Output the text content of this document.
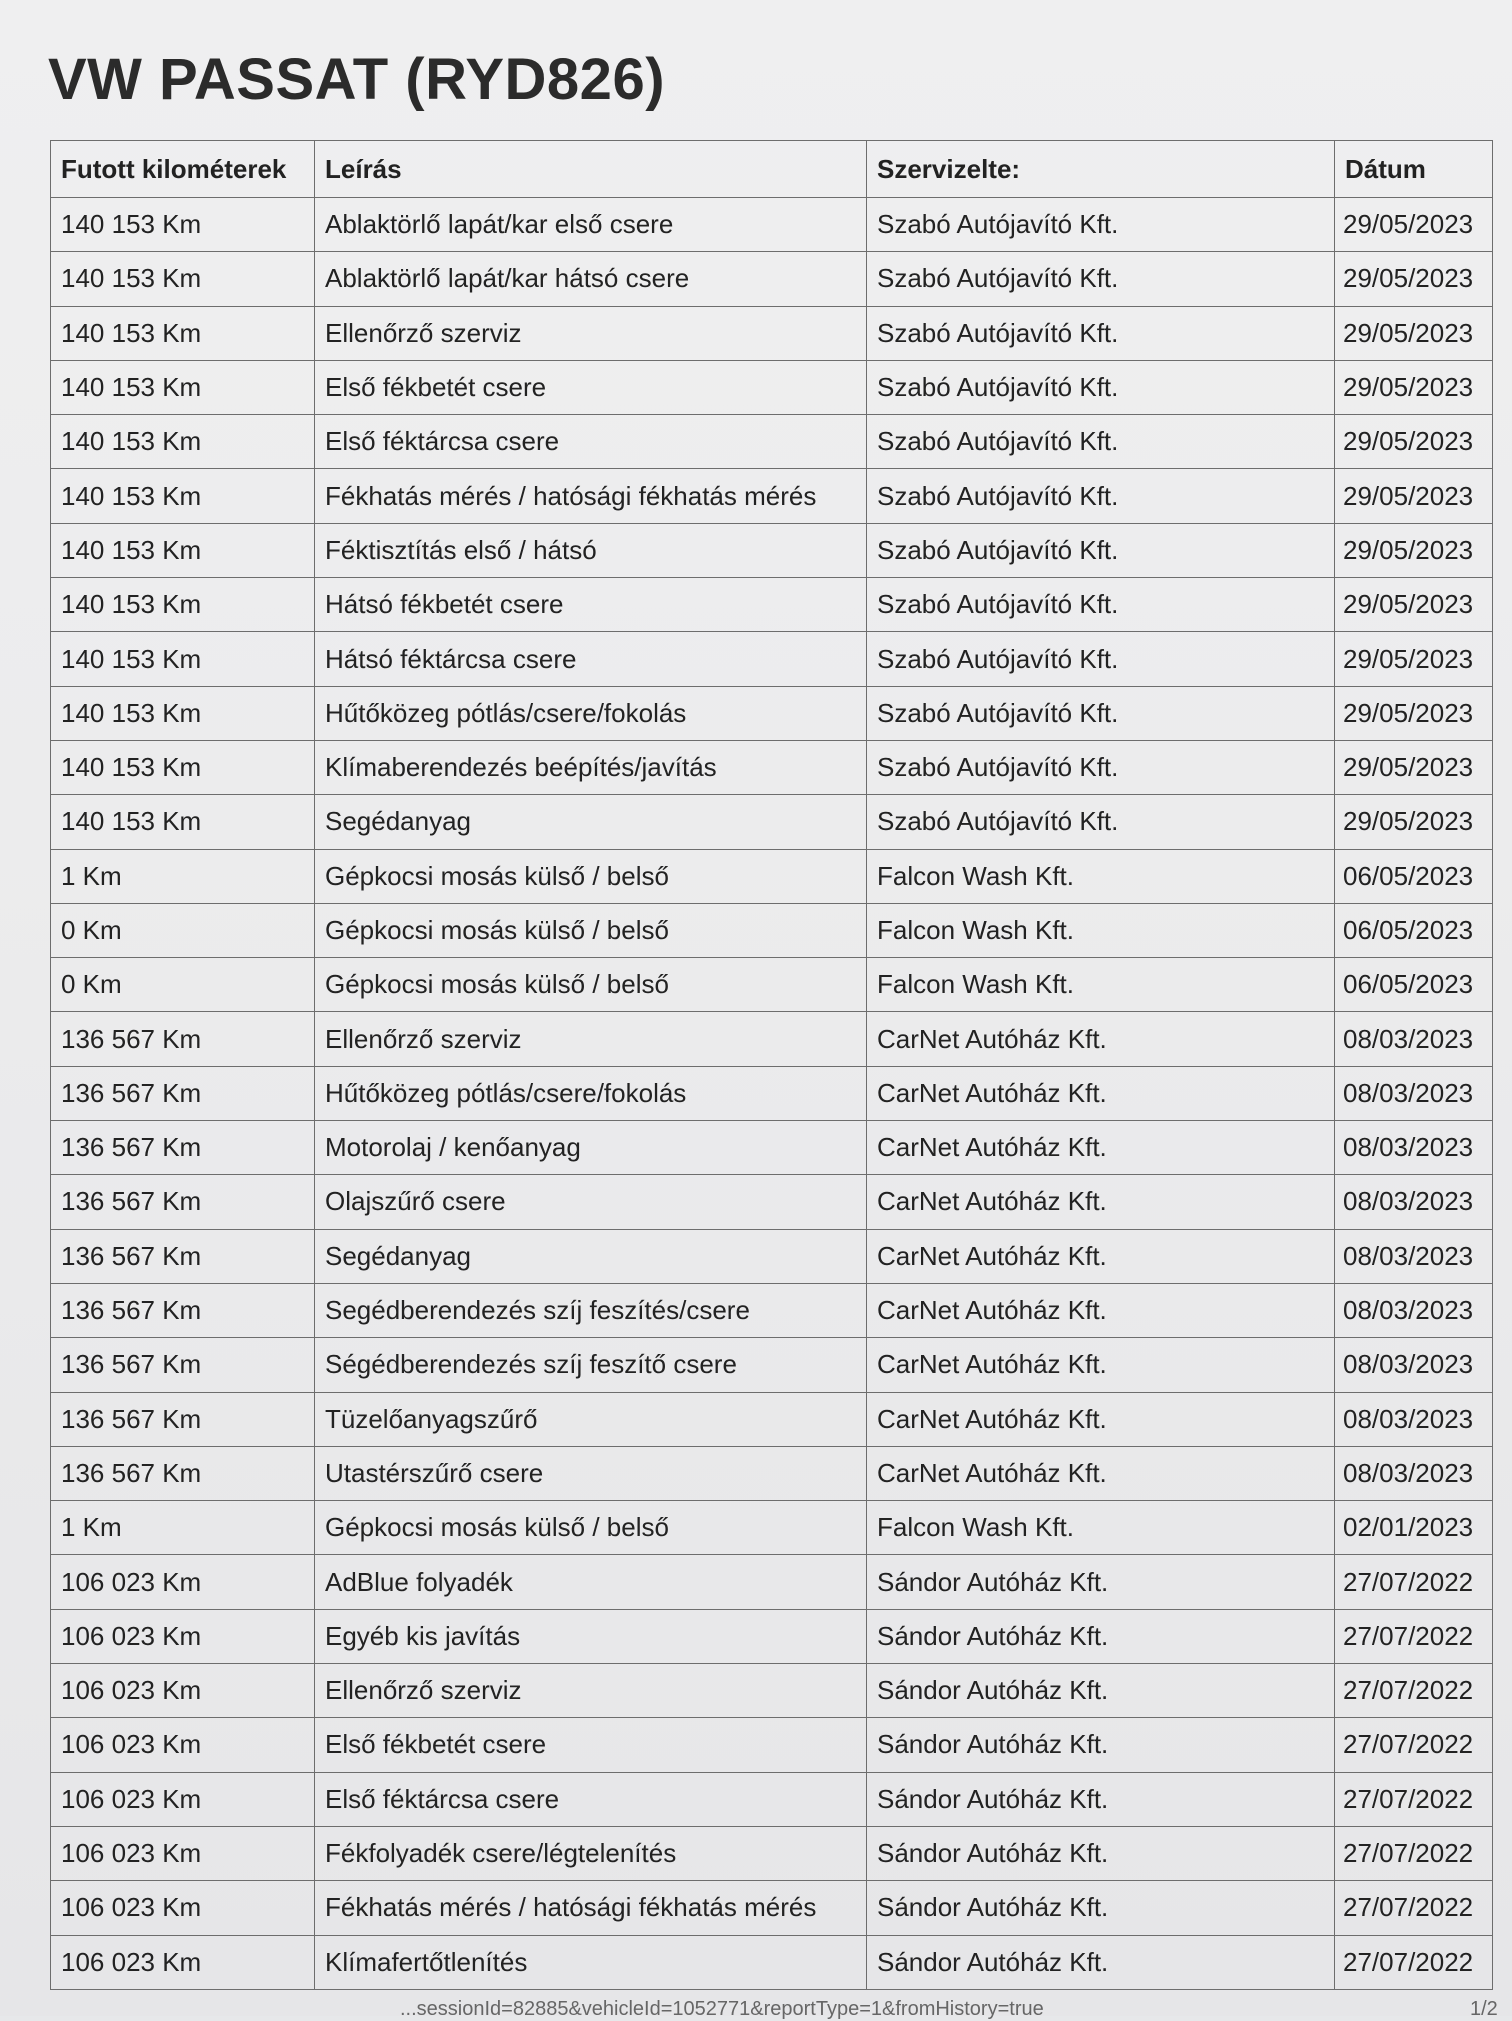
VW PASSAT (RYD826)
Futott kilométerek	Leírás	Szervizelte:	Dátum
140 153 Km	Ablaktörlő lapát/kar első csere	Szabó Autójavító Kft.	29/05/2023
140 153 Km	Ablaktörlő lapát/kar hátsó csere	Szabó Autójavító Kft.	29/05/2023
140 153 Km	Ellenőrző szerviz	Szabó Autójavító Kft.	29/05/2023
140 153 Km	Első fékbetét csere	Szabó Autójavító Kft.	29/05/2023
140 153 Km	Első féktárcsa csere	Szabó Autójavító Kft.	29/05/2023
140 153 Km	Fékhatás mérés / hatósági fékhatás mérés	Szabó Autójavító Kft.	29/05/2023
140 153 Km	Féktisztítás első / hátsó	Szabó Autójavító Kft.	29/05/2023
140 153 Km	Hátsó fékbetét csere	Szabó Autójavító Kft.	29/05/2023
140 153 Km	Hátsó féktárcsa csere	Szabó Autójavító Kft.	29/05/2023
140 153 Km	Hűtőközeg pótlás/csere/fokolás	Szabó Autójavító Kft.	29/05/2023
140 153 Km	Klímaberendezés beépítés/javítás	Szabó Autójavító Kft.	29/05/2023
140 153 Km	Segédanyag	Szabó Autójavító Kft.	29/05/2023
1 Km	Gépkocsi mosás külső / belső	Falcon Wash Kft.	06/05/2023
0 Km	Gépkocsi mosás külső / belső	Falcon Wash Kft.	06/05/2023
0 Km	Gépkocsi mosás külső / belső	Falcon Wash Kft.	06/05/2023
136 567 Km	Ellenőrző szerviz	CarNet Autóház Kft.	08/03/2023
136 567 Km	Hűtőközeg pótlás/csere/fokolás	CarNet Autóház Kft.	08/03/2023
136 567 Km	Motorolaj / kenőanyag	CarNet Autóház Kft.	08/03/2023
136 567 Km	Olajszűrő csere	CarNet Autóház Kft.	08/03/2023
136 567 Km	Segédanyag	CarNet Autóház Kft.	08/03/2023
136 567 Km	Segédberendezés szíj feszítés/csere	CarNet Autóház Kft.	08/03/2023
136 567 Km	Ségédberendezés szíj feszítő csere	CarNet Autóház Kft.	08/03/2023
136 567 Km	Tüzelőanyagszűrő	CarNet Autóház Kft.	08/03/2023
136 567 Km	Utastérszűrő csere	CarNet Autóház Kft.	08/03/2023
1 Km	Gépkocsi mosás külső / belső	Falcon Wash Kft.	02/01/2023
106 023 Km	AdBlue folyadék	Sándor Autóház Kft.	27/07/2022
106 023 Km	Egyéb kis javítás	Sándor Autóház Kft.	27/07/2022
106 023 Km	Ellenőrző szerviz	Sándor Autóház Kft.	27/07/2022
106 023 Km	Első fékbetét csere	Sándor Autóház Kft.	27/07/2022
106 023 Km	Első féktárcsa csere	Sándor Autóház Kft.	27/07/2022
106 023 Km	Fékfolyadék csere/légtelenítés	Sándor Autóház Kft.	27/07/2022
106 023 Km	Fékhatás mérés / hatósági fékhatás mérés	Sándor Autóház Kft.	27/07/2022
106 023 Km	Klímafertőtlenítés	Sándor Autóház Kft.	27/07/2022
...sessionId=82885&vehicleId=1052771&reportType=1&fromHistory=true	1/2
